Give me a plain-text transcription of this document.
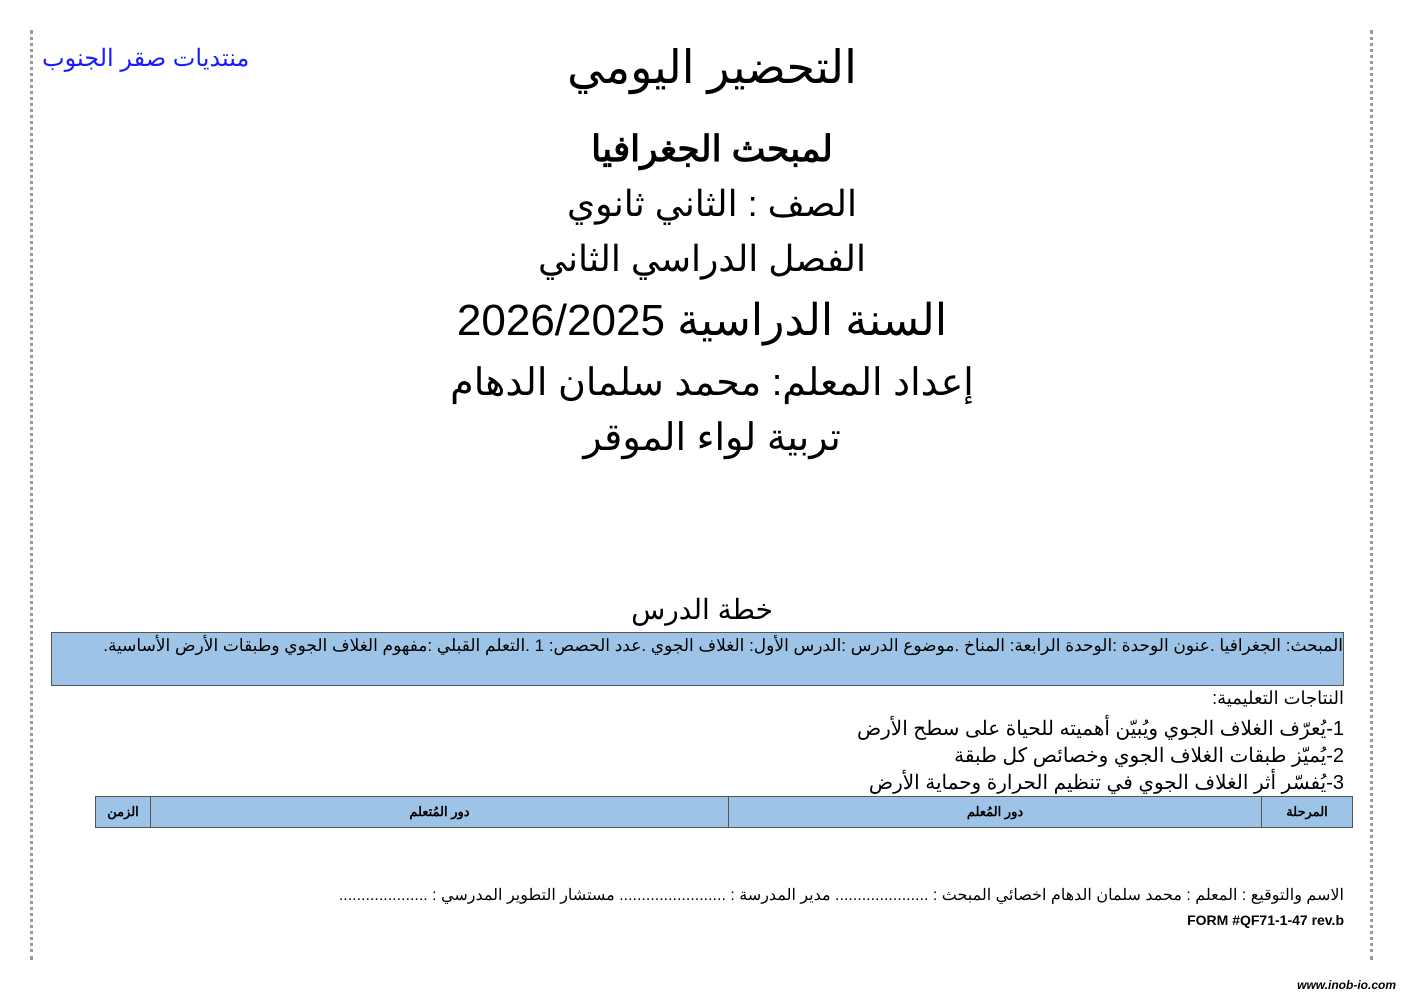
منتديات صقر الجنوب	التحضير اليومي
لمبحث الجغرافيا
الصف : الثاني ثانوي
الفصل الدراسي الثاني
السنة الدراسية 2026/2025
إعداد المعلم: محمد سلمان الدهام
تربية لواء الموقر
خطة الدرس
المبحث: الجغرافيا .عنون الوحدة :الوحدة الرابعة: المناخ .موضوع الدرس :الدرس الأول: الغلاف الجوي .عدد الحصص: 1 .التعلم القبلي :مفهوم الغلاف الجوي وطبقات الأرض الأساسية.
النتاجات التعليمية:
1-يُعرّف الغلاف الجوي ويُبيّن أهميته للحياة على سطح الأرض
2-يُميّز طبقات الغلاف الجوي وخصائص كل طبقة
3-يُفسّر أثر الغلاف الجوي في تنظيم الحرارة وحماية الأرض
المرحلة	دور المُعلم	دور المُتعلم	الزمن
الاسم والتوقيع : المعلم : محمد سلمان الدهام اخصائي المبحث : ..................... مدير المدرسة : ........................ مستشار التطوير المدرسي : ....................
FORM #QF71-1-47 rev.b
www.inob-io.com
